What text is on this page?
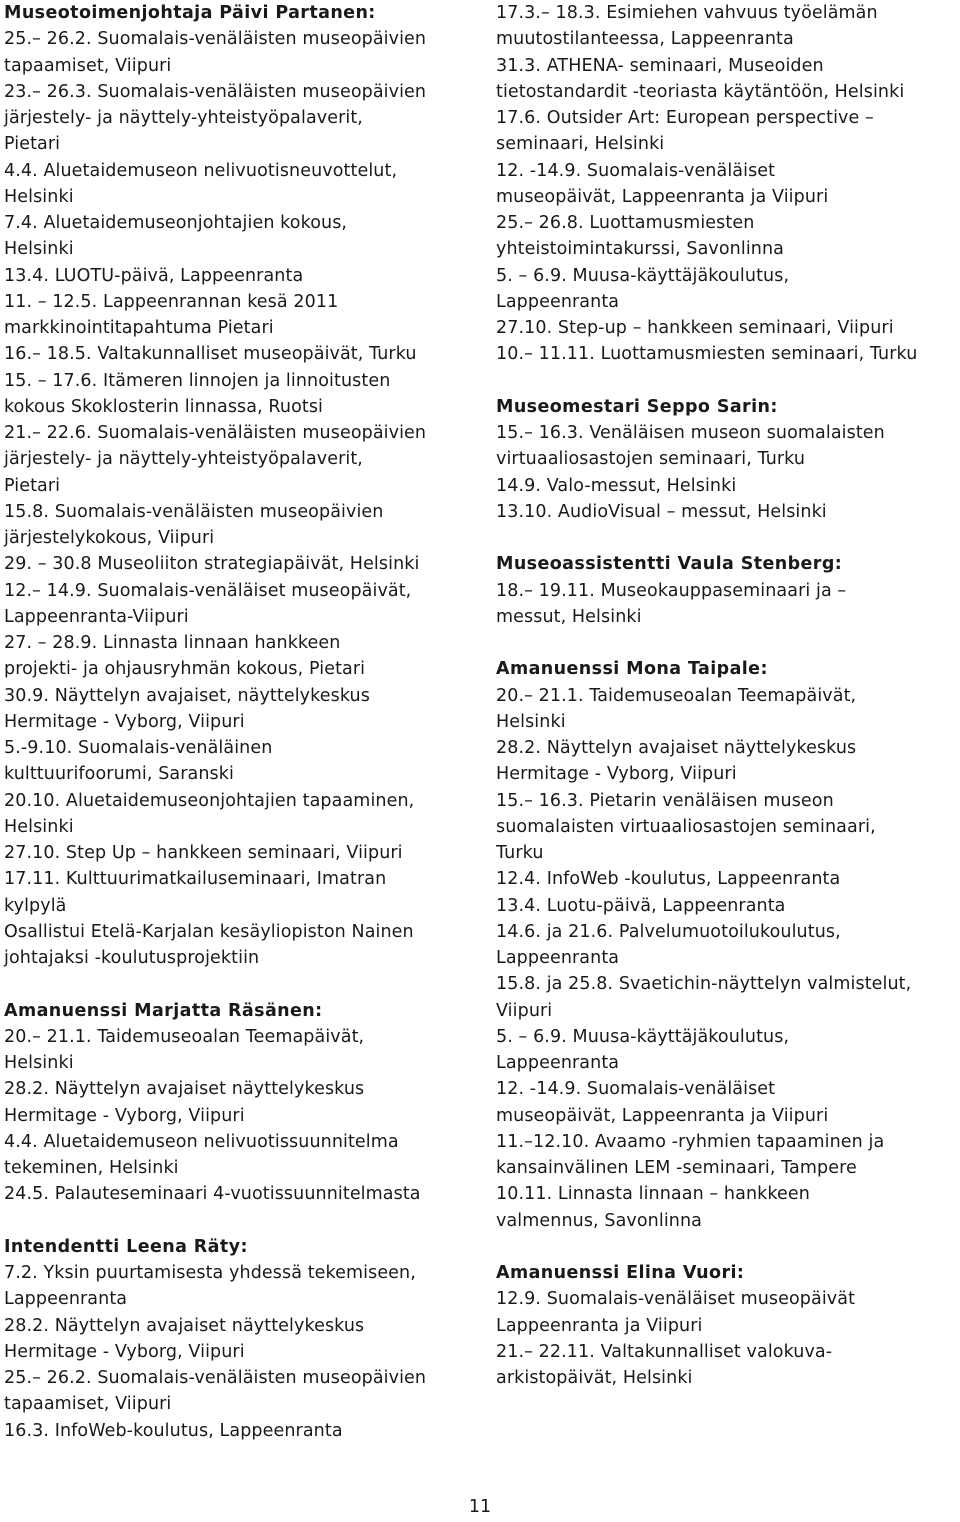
Museotoimenjohtaja Päivi Partanen:
25.– 26.2. Suomalais-venäläisten museopäivien
tapaamiset, Viipuri
23.– 26.3. Suomalais-venäläisten museopäivien
järjestely- ja näyttely-yhteistyöpalaverit,
Pietari
4.4. Aluetaidemuseon nelivuotisneuvottelut,
Helsinki
7.4. Aluetaidemuseonjohtajien kokous,
Helsinki
13.4. LUOTU-päivä, Lappeenranta
11. – 12.5. Lappeenrannan kesä 2011
markkinointitapahtuma Pietari
16.– 18.5. Valtakunnalliset museopäivät, Turku
15. – 17.6. Itämeren linnojen ja linnoitusten
kokous Skoklosterin linnassa, Ruotsi
21.– 22.6. Suomalais-venäläisten museopäivien
järjestely- ja näyttely-yhteistyöpalaverit,
Pietari
15.8. Suomalais-venäläisten museopäivien
järjestelykokous, Viipuri
29. – 30.8 Museoliiton strategiapäivät, Helsinki
12.– 14.9. Suomalais-venäläiset museopäivät,
Lappeenranta-Viipuri
27. – 28.9. Linnasta linnaan hankkeen
projekti- ja ohjausryhmän kokous, Pietari
30.9. Näyttelyn avajaiset, näyttelykeskus
Hermitage - Vyborg, Viipuri
5.-9.10. Suomalais-venäläinen
kulttuurifoorumi, Saranski
20.10. Aluetaidemuseonjohtajien tapaaminen,
Helsinki
27.10. Step Up – hankkeen seminaari, Viipuri
17.11. Kulttuurimatkailuseminaari, Imatran
kylpylä
Osallistui Etelä-Karjalan kesäyliopiston Nainen
johtajaksi -koulutusprojektiin
Amanuenssi Marjatta Räsänen:
20.– 21.1. Taidemuseoalan Teemapäivät,
Helsinki
28.2. Näyttelyn avajaiset näyttelykeskus
Hermitage - Vyborg, Viipuri
4.4. Aluetaidemuseon nelivuotissuunnitelma
tekeminen, Helsinki
24.5. Palauteseminaari 4-vuotissuunnitelmasta
Intendentti Leena Räty:
7.2. Yksin puurtamisesta yhdessä tekemiseen,
Lappeenranta
28.2. Näyttelyn avajaiset näyttelykeskus
Hermitage - Vyborg, Viipuri
25.– 26.2. Suomalais-venäläisten museopäivien
tapaamiset, Viipuri
16.3. InfoWeb-koulutus, Lappeenranta
17.3.– 18.3. Esimiehen vahvuus työelämän
muutostilanteessa, Lappeenranta
31.3. ATHENA- seminaari, Museoiden
tietostandardit -teoriasta käytäntöön, Helsinki
17.6. Outsider Art: European perspective –
seminaari, Helsinki
12. -14.9. Suomalais-venäläiset
museopäivät, Lappeenranta ja Viipuri
25.– 26.8. Luottamusmiesten
yhteistoimintakurssi, Savonlinna
5. – 6.9. Muusa-käyttäjäkoulutus,
Lappeenranta
27.10. Step-up – hankkeen seminaari, Viipuri
10.– 11.11. Luottamusmiesten seminaari, Turku
Museomestari Seppo Sarin:
15.– 16.3. Venäläisen museon suomalaisten
virtuaaliosastojen seminaari, Turku
14.9. Valo-messut, Helsinki
13.10. AudioVisual – messut, Helsinki
Museoassistentti Vaula Stenberg:
18.– 19.11. Museokauppaseminaari ja –
messut, Helsinki
Amanuenssi Mona Taipale:
20.– 21.1. Taidemuseoalan Teemapäivät,
Helsinki
28.2. Näyttelyn avajaiset näyttelykeskus
Hermitage - Vyborg, Viipuri
15.– 16.3. Pietarin venäläisen museon
suomalaisten virtuaaliosastojen seminaari,
Turku
12.4. InfoWeb -koulutus, Lappeenranta
13.4. Luotu-päivä, Lappeenranta
14.6. ja 21.6. Palvelumuotoilukoulutus,
Lappeenranta
15.8. ja 25.8. Svaetichin-näyttelyn valmistelut,
Viipuri
5. – 6.9. Muusa-käyttäjäkoulutus,
Lappeenranta
12. -14.9. Suomalais-venäläiset
museopäivät, Lappeenranta ja Viipuri
11.–12.10. Avaamo -ryhmien tapaaminen ja
kansainvälinen LEM -seminaari, Tampere
10.11. Linnasta linnaan – hankkeen
valmennus, Savonlinna
Amanuenssi Elina Vuori:
12.9. Suomalais-venäläiset museopäivät
Lappeenranta ja Viipuri
21.– 22.11. Valtakunnalliset valokuva-
arkistopäivät, Helsinki
11
